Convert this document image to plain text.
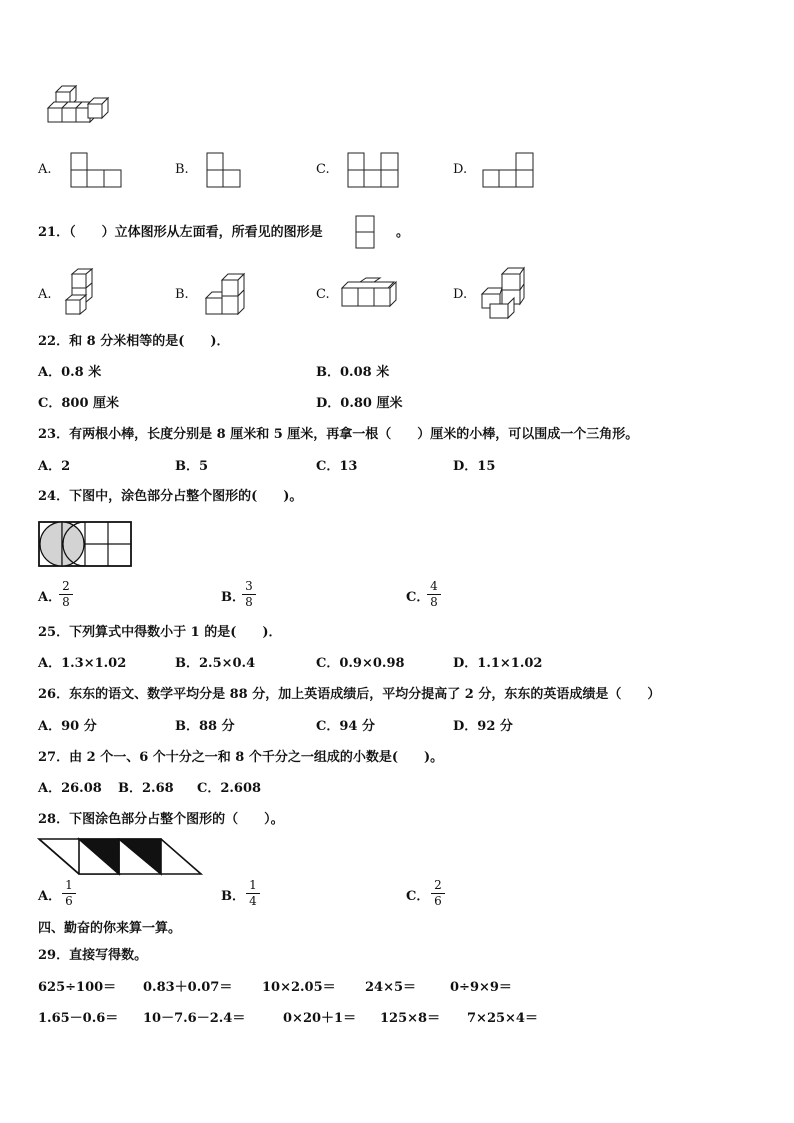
A.	B.	C.	D.
21．（　　）立体图形从左面看，所看见的图形是	。
A.	B.	C.	D.
22．和 8 分米相等的是(　　)．
A．0.8 米	B．0.08 米
C．800 厘米	D．0.80 厘米
23．有两根小棒，长度分别是 8 厘米和 5 厘米，再拿一根（　　）厘米的小棒，可以围成一个三角形。
A．2	B．5	C．13	D．15
24．下图中，涂色部分占整个图形的(　　)。
A．
2
8	B．
3
8	C．
4
8
25．下列算式中得数小于 1 的是(　　)．
A．1.3×1.02	B．2.5×0.4	C．0.9×0.98	D．1.1×1.02
26．东东的语文、数学平均分是 88 分，加上英语成绩后，平均分提高了 2 分，东东的英语成绩是（　　）
A．90 分	B．88 分	C．94 分	D．92 分
27．由 2 个一、6 个十分之一和 8 个千分之一组成的小数是(　　)。
A．26.08 B．2.68 C．2.608
28．下图涂色部分占整个图形的（　　）。
A．
1
6	B．
1
4	C．
2
6
四、勤奋的你来算一算。
29．直接写得数。
625÷100＝ 0.83＋0.07＝ 10×2.05＝ 24×5＝	0÷9×9＝
1.65－0.6＝ 10－7.6－2.4＝	0×20＋1＝ 125×8＝ 7×25×4＝
